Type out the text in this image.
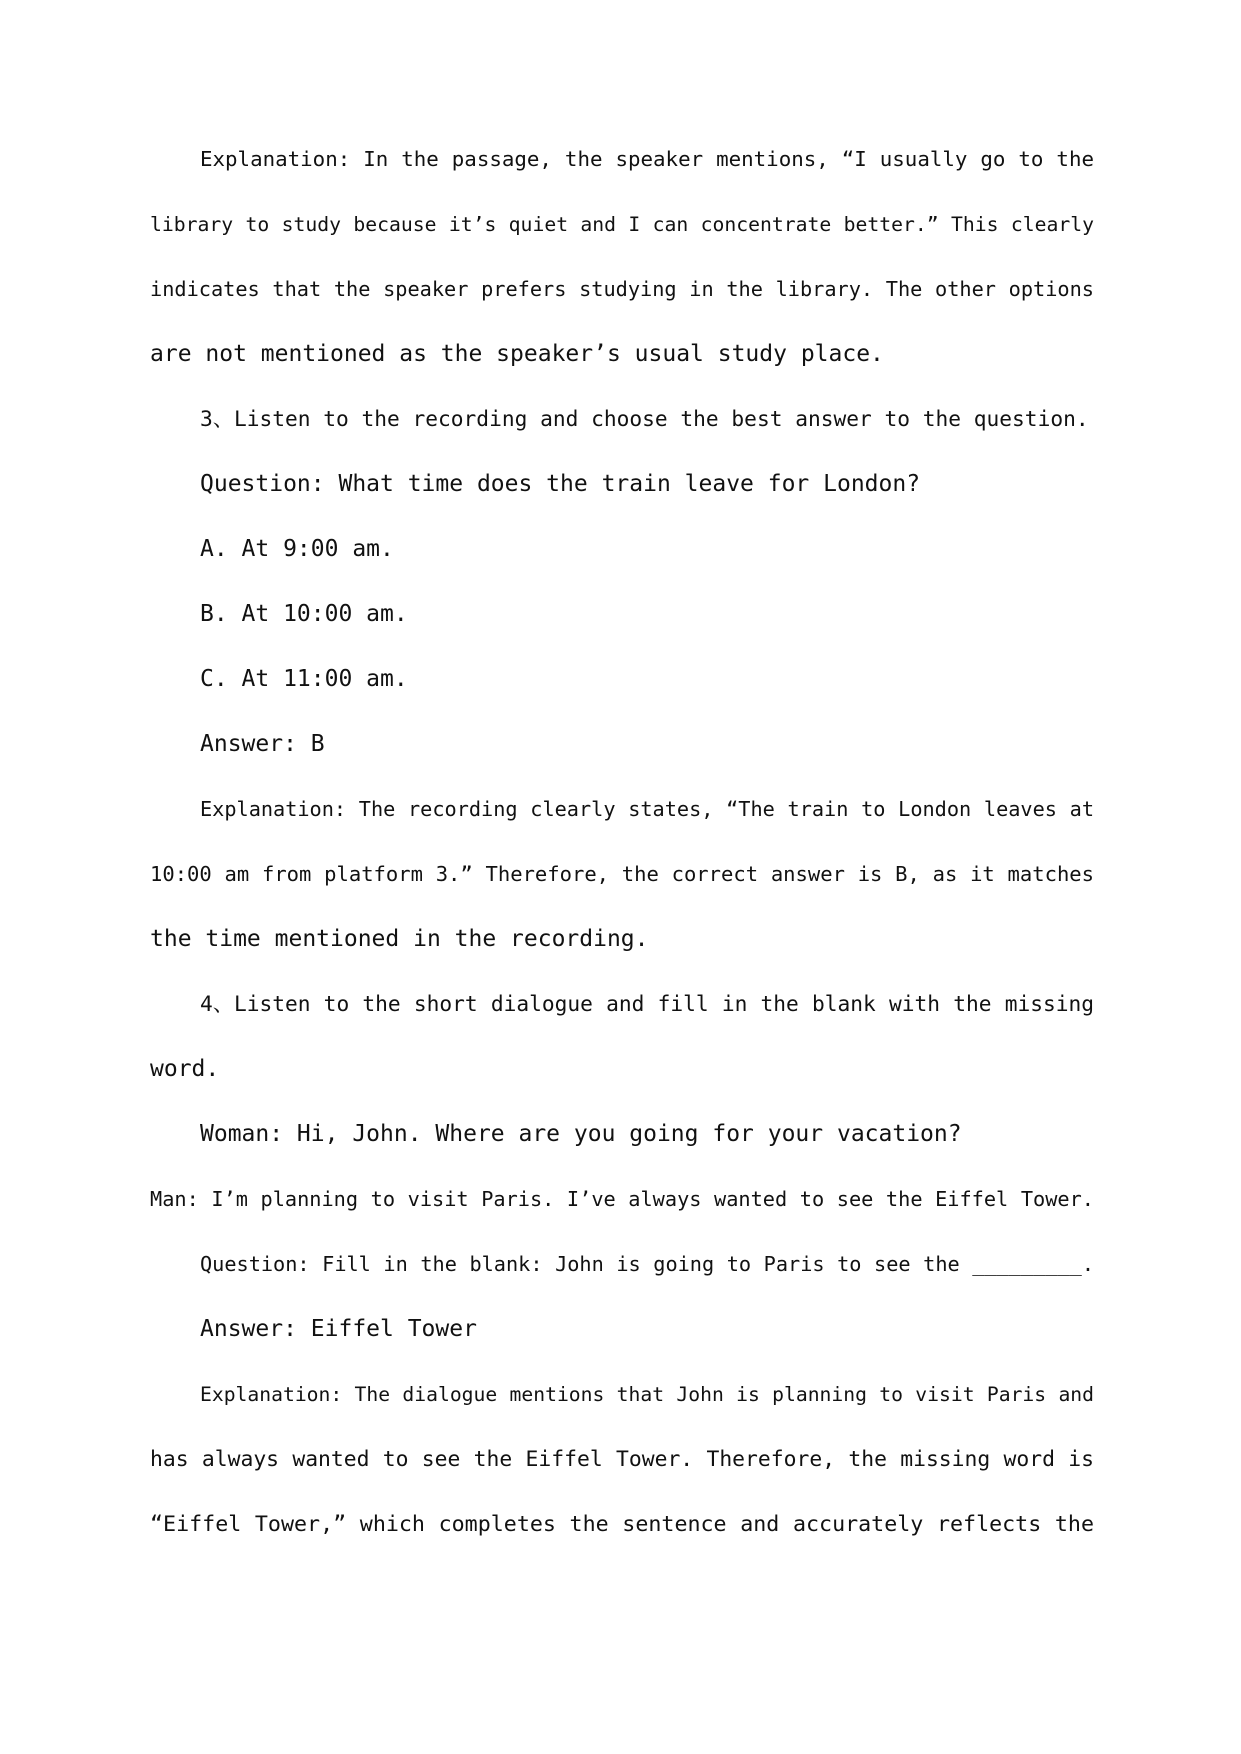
Explanation: In the passage, the speaker mentions, “I usually go to the
library to study because it’s quiet and I can concentrate better.” This clearly
indicates that the speaker prefers studying in the library. The other options
are not mentioned as the speaker’s usual study place.
3、Listen to the recording and choose the best answer to the question.
Question: What time does the train leave for London?
A. At 9:00 am.
B. At 10:00 am.
C. At 11:00 am.
Answer: B
Explanation: The recording clearly states, “The train to London leaves at
10:00 am from platform 3.” Therefore, the correct answer is B, as it matches
the time mentioned in the recording.
4、Listen to the short dialogue and fill in the blank with the missing
word.
Woman: Hi, John. Where are you going for your vacation?
Man: I’m planning to visit Paris. I’ve always wanted to see the Eiffel Tower.
Question: Fill in the blank: John is going to Paris to see the _________.
Answer: Eiffel Tower
Explanation: The dialogue mentions that John is planning to visit Paris and
has always wanted to see the Eiffel Tower. Therefore, the missing word is
“Eiffel Tower,” which completes the sentence and accurately reflects the
